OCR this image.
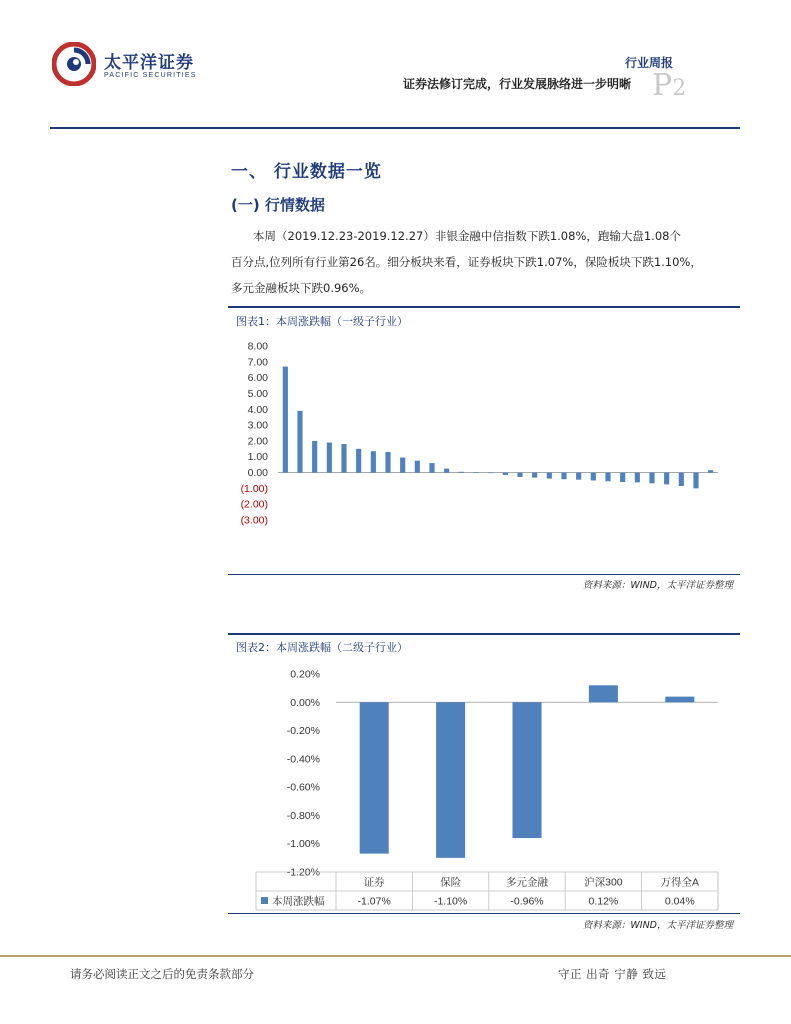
太平洋证券
PACIFIC SECURITIES
行业周报
证券法修订完成，行业发展脉络进一步明晰 P2
一、 行业数据一览
(一) 行情数据
本周（2019.12.23-2019.12.27）非银金融中信指数下跌1.08%，跑输大盘1.08个
百分点,位列所有行业第26名。细分板块来看，证券板块下跌1.07%，保险板块下跌1.10%，
多元金融板块下跌0.96%。
图表1：本周涨跌幅（一级子行业）
8.00
7.00
6.00
5.00
4.00
3.00
2.00
1.00
0.00
(1.00)
(2.00)
(3.00)
资料来源：WIND，太平洋证券整理
图表2：本周涨跌幅（二级子行业）
0.20%
0.00%
-0.20%
-0.40%
-0.60%
-0.80%
-1.00%
-1.20%
证券
-1.07%
保险
-1.10%
多元金融
-0.96%
沪深300
0.12%
万得全A
0.04%
本周涨跌幅
资料来源：WIND，太平洋证券整理
请务必阅读正文之后的免责条款部分	守正 出奇 宁静 致远
